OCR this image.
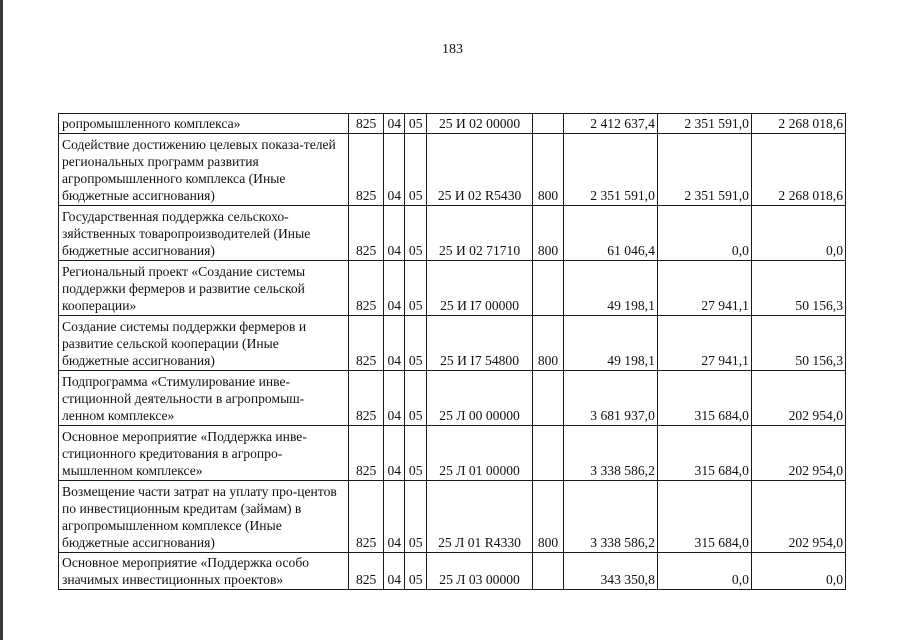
183
ропромышленного комплекса»	825	04	05	25 И 02 00000		2 412 637,4	2 351 591,0	2 268 018,6
Содействие достижению целевых показа-телей региональных программ развития агропромышленного комплекса (Иные бюджетные ассигнования)	825	04	05	25 И 02 R5430	800	2 351 591,0	2 351 591,0	2 268 018,6
Государственная поддержка сельскохо-зяйственных товаропроизводителей (Иные бюджетные ассигнования)	825	04	05	25 И 02 71710	800	61 046,4	0,0	0,0
Региональный проект «Создание системы поддержки фермеров и развитие сельской кооперации»	825	04	05	25 И I7 00000		49 198,1	27 941,1	50 156,3
Создание системы поддержки фермеров и развитие сельской кооперации (Иные бюджетные ассигнования)	825	04	05	25 И I7 54800	800	49 198,1	27 941,1	50 156,3
Подпрограмма «Стимулирование инве-стиционной деятельности в агропромыш-ленном комплексе»	825	04	05	25 Л 00 00000		3 681 937,0	315 684,0	202 954,0
Основное мероприятие «Поддержка инве-стиционного кредитования в агропро-мышленном комплексе»	825	04	05	25 Л 01 00000		3 338 586,2	315 684,0	202 954,0
Возмещение части затрат на уплату про-центов по инвестиционным кредитам (займам) в агропромышленном комплексе (Иные бюджетные ассигнования)	825	04	05	25 Л 01 R4330	800	3 338 586,2	315 684,0	202 954,0
Основное мероприятие «Поддержка особо значимых инвестиционных проектов»	825	04	05	25 Л 03 00000		343 350,8	0,0	0,0
